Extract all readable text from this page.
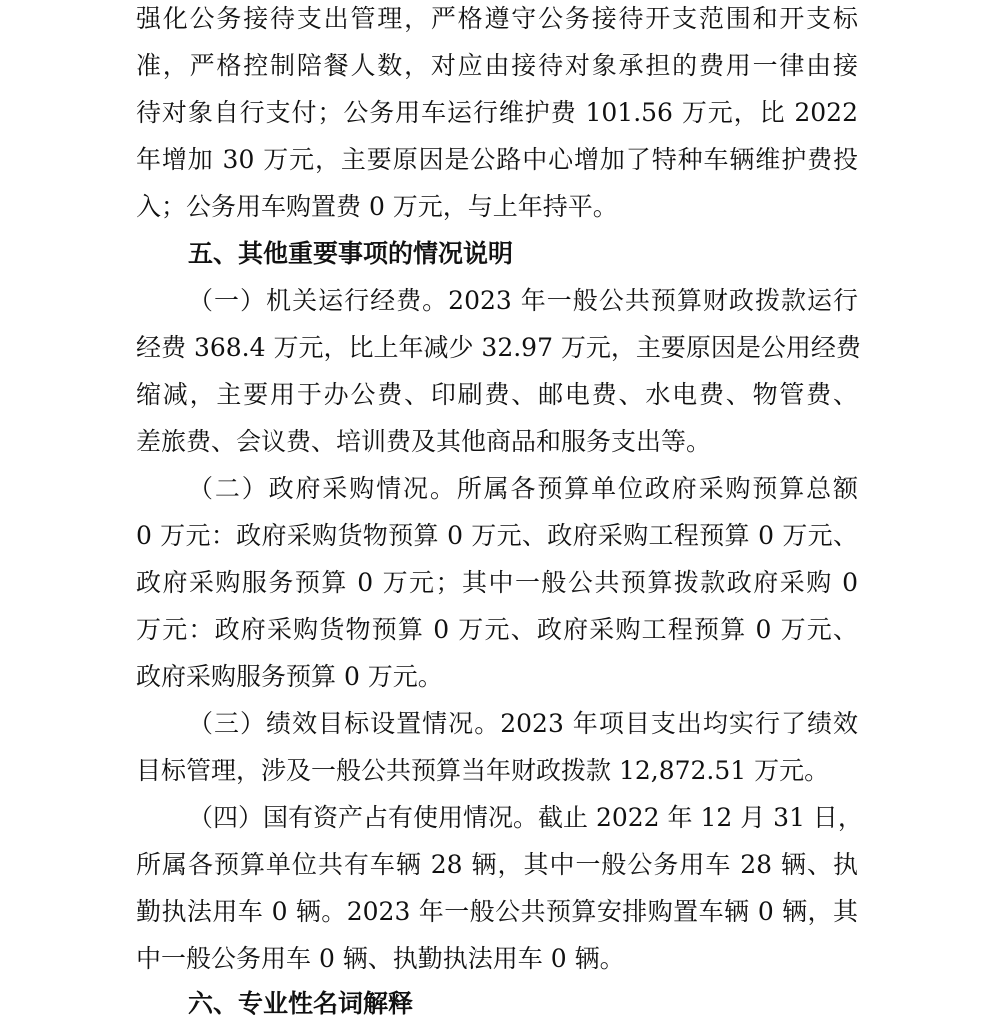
强化公务接待支出管理，严格遵守公务接待开支范围和开支标
准，严格控制陪餐人数，对应由接待对象承担的费用一律由接
待对象自行支付；公务用车运行维护费 101.56 万元，比 2022
年增加 30 万元，主要原因是公路中心增加了特种车辆维护费投
入；公务用车购置费 0 万元，与上年持平。
五、其他重要事项的情况说明
（一）机关运行经费。2023 年一般公共预算财政拨款运行
经费 368.4 万元，比上年减少 32.97 万元，主要原因是公用经费
缩减，主要用于办公费、印刷费、邮电费、水电费、物管费、
差旅费、会议费、培训费及其他商品和服务支出等。
（二）政府采购情况。所属各预算单位政府采购预算总额
0 万元：政府采购货物预算 0 万元、政府采购工程预算 0 万元、
政府采购服务预算 0 万元；其中一般公共预算拨款政府采购 0
万元：政府采购货物预算 0 万元、政府采购工程预算 0 万元、
政府采购服务预算 0 万元。
（三）绩效目标设置情况。2023 年项目支出均实行了绩效
目标管理，涉及一般公共预算当年财政拨款 12,872.51 万元。
（四）国有资产占有使用情况。截止 2022 年 12 月 31 日，
所属各预算单位共有车辆 28 辆，其中一般公务用车 28 辆、执
勤执法用车 0 辆。2023 年一般公共预算安排购置车辆 0 辆，其
中一般公务用车 0 辆、执勤执法用车 0 辆。
六、专业性名词解释
